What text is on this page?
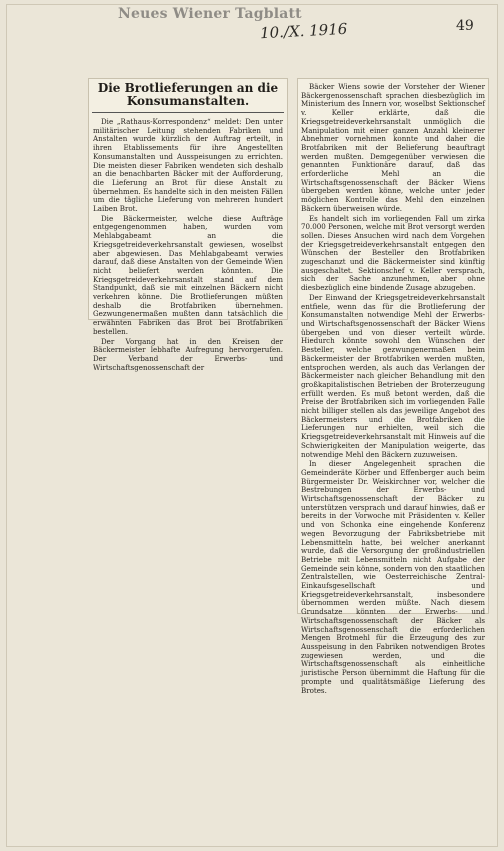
Neues Wiener Tagblatt
10./X. 1916	49
Die Brotlieferungen an die Konsumanstalten.

Die „Rathaus-Korrespondenz“ meldet: Den unter militärischer Leitung stehenden Fabriken und Anstalten wurde kürzlich der Auftrag erteilt, in ihren Etablissements für ihre Angestellten Konsumanstalten und Ausspeisungen zu errichten. Die meisten dieser Fabriken wendeten sich deshalb an die benachbarten Bäcker mit der Aufforderung, die Lieferung an Brot für diese Anstalt zu übernehmen. Es handelte sich in den meisten Fällen um die tägliche Lieferung von mehreren hundert Laiben Brot.

Die Bäckermeister, welche diese Aufträge entgegengenommen haben, wurden vom Mehlabgabeamt an die Kriegsgetreideverkehrsanstalt gewiesen, woselbst aber abgewiesen. Das Mehlabgabeamt verwies darauf, daß diese Anstalten von der Gemeinde Wien nicht beliefert werden könnten. Die Kriegsgetreideverkehrsanstalt stand auf dem Standpunkt, daß sie mit einzelnen Bäckern nicht verkehren könne. Die Brotlieferungen müßten deshalb die Brotfabriken übernehmen. Gezwungenermaßen mußten dann tatsächlich die erwähnten Fabriken das Brot bei Brotfabriken bestellen.

Der Vorgang hat in den Kreisen der Bäckermeister lebhafte Aufregung hervorgerufen. Der Verband der Erwerbs- und Wirtschaftsgenossenschaft der

Bäcker Wiens sowie der Vorsteher der Wiener Bäckergenossenschaft sprachen diesbezüglich im Ministerium des Innern vor, woselbst Sektionschef v. Keller erklärte, daß die Kriegsgetreideverkehrsanstalt unmöglich die Manipulation mit einer ganzen Anzahl kleinerer Abnehmer vornehmen konnte und daher die Brotfabriken mit der Belieferung beauftragt werden mußten. Demgegenüber verwiesen die genannten Funktionäre darauf, daß das erforderliche Mehl an die Wirtschaftsgenossenschaft der Bäcker Wiens übergeben werden könne, welche unter jeder möglichen Kontrolle das Mehl den einzelnen Bäckern überweisen würde.

Es handelt sich im vorliegenden Fall um zirka 70.000 Personen, welche mit Brot versorgt werden sollen. Dieses Ansuchen wird nach dem Vorgehen der Kriegsgetreideverkehrsanstalt entgegen den Wünschen der Besteller den Brotfabriken zugeschanzt und die Bäckermeister sind künftig ausgeschaltet. Sektionschef v. Keller versprach, sich der Sache anzunehmen, aber ohne diesbezüglich eine bindende Zusage abzugeben.

Der Einwand der Kriegsgetreideverkehrsanstalt entfiele, wenn das für die Brotlieferung der Konsumanstalten notwendige Mehl der Erwerbs- und Wirtschaftsgenossenschaft der Bäcker Wiens übergeben und von dieser verteilt würde. Hiedurch könnte sowohl den Wünschen der Besteller, welche gezwungenermaßen beim Bäckermeister der Brotfabriken werden mußten, entsprochen werden, als auch das Verlangen der Bäckermeister nach gleicher Behandlung mit den großkapitalistischen Betrieben der Broterzeugung erfüllt werden. Es muß betont werden, daß die Preise der Brotfabriken sich im vorliegenden Falle nicht billiger stellen als das jeweilige Angebot des Bäckermeisters und die Brotfabriken die Lieferungen nur erhielten, weil sich die Kriegsgetreideverkehrsanstalt mit Hinweis auf die Schwierigkeiten der Manipulation weigerte, das notwendige Mehl den Bäckern zuzuweisen.

In dieser Angelegenheit sprachen die Gemeinderäte Körber und Effenberger auch beim Bürgermeister Dr. Weiskirchner vor, welcher die Bestrebungen der Erwerbs- und Wirtschaftsgenossenschaft der Bäcker zu unterstützen versprach und darauf hinwies, daß er bereits in der Vorwoche mit Präsidenten v. Keller und von Schonka eine eingehende Konferenz wegen Bevorzugung der Fabriksbetriebe mit Lebensmitteln hatte, bei welcher anerkannt wurde, daß die Versorgung der großindustriellen Betriebe mit Lebensmitteln nicht Aufgabe der Gemeinde sein könne, sondern von den staatlichen Zentralstellen, wie Oesterreichische Zentral-Einkaufsgesellschaft und Kriegsgetreideverkehrsanstalt, insbesondere übernommen werden müßte. Nach diesem Grundsatze könnten der Erwerbs- und Wirtschaftsgenossenschaft der Bäcker als Wirtschaftsgenossenschaft die erforderlichen Mengen Brotmehl für die Erzeugung des zur Ausspeisung in den Fabriken notwendigen Brotes zugewiesen werden, und die Wirtschaftsgenossenschaft als einheitliche juristische Person übernimmt die Haftung für die prompte und qualitätsmäßige Lieferung des Brotes.
